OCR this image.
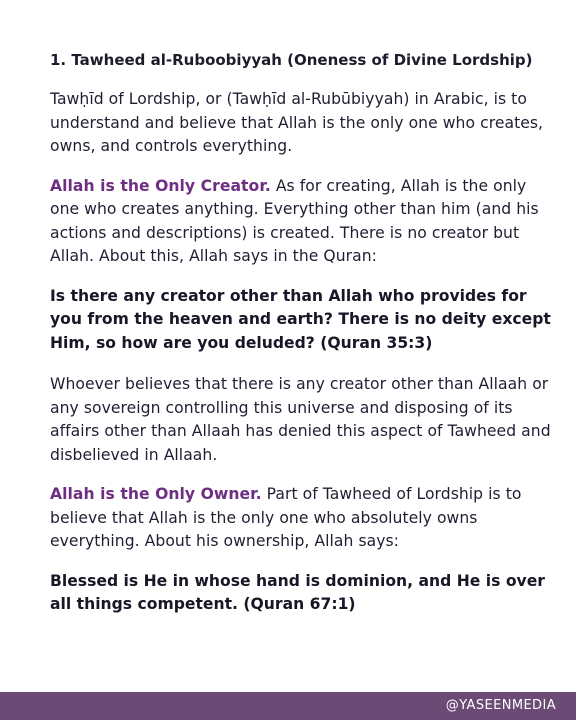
1. Tawheed al-Ruboobiyyah (Oneness of Divine Lordship)

Tawḥīd of Lordship, or (Tawḥīd al-Rubūbiyyah) in Arabic, is to understand and believe that Allah is the only one who creates, owns, and controls everything.

Allah is the Only Creator. As for creating, Allah is the only one who creates anything. Everything other than him (and his actions and descriptions) is created. There is no creator but Allah. About this, Allah says in the Quran:

Is there any creator other than Allah who provides for you from the heaven and earth? There is no deity except Him, so how are you deluded? (Quran 35:3)

Whoever believes that there is any creator other than Allaah or any sovereign controlling this universe and disposing of its affairs other than Allaah has denied this aspect of Tawheed and disbelieved in Allaah.

Allah is the Only Owner. Part of Tawheed of Lordship is to believe that Allah is the only one who absolutely owns everything. About his ownership, Allah says:

Blessed is He in whose hand is dominion, and He is over all things competent. (Quran 67:1)

@YASEENMEDIA
